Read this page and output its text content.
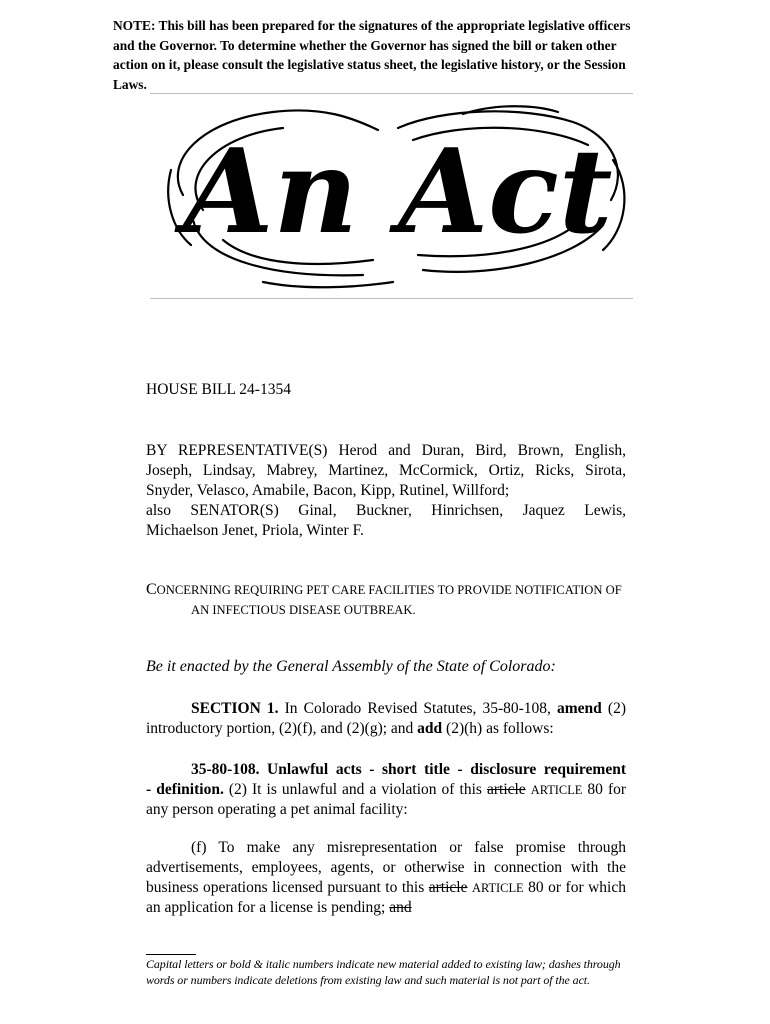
NOTE: This bill has been prepared for the signatures of the appropriate legislative officers and the Governor. To determine whether the Governor has signed the bill or taken other action on it, please consult the legislative status sheet, the legislative history, or the Session Laws.
An Act
HOUSE BILL 24-1354
BY REPRESENTATIVE(S) Herod and Duran, Bird, Brown, English,
Joseph, Lindsay, Mabrey, Martinez, McCormick, Ortiz, Ricks, Sirota,
Snyder, Velasco, Amabile, Bacon, Kipp, Rutinel, Willford;
also SENATOR(S) Ginal, Buckner, Hinrichsen, Jaquez Lewis,
Michaelson Jenet, Priola, Winter F.
CONCERNING REQUIRING PET CARE FACILITIES TO PROVIDE NOTIFICATION OF
AN INFECTIOUS DISEASE OUTBREAK.
Be it enacted by the General Assembly of the State of Colorado:
SECTION 1. In Colorado Revised Statutes, 35-80-108, amend (2)
introductory portion, (2)(f), and (2)(g); and add (2)(h) as follows:
35-80-108. Unlawful acts - short title - disclosure requirement
- definition. (2) It is unlawful and a violation of this article ARTICLE 80 for
any person operating a pet animal facility:
(f) To make any misrepresentation or false promise through
advertisements, employees, agents, or otherwise in connection with the
business operations licensed pursuant to this article ARTICLE 80 or for which
an application for a license is pending; and
Capital letters or bold & italic numbers indicate new material added to existing law; dashes through words or numbers indicate deletions from existing law and such material is not part of the act.
